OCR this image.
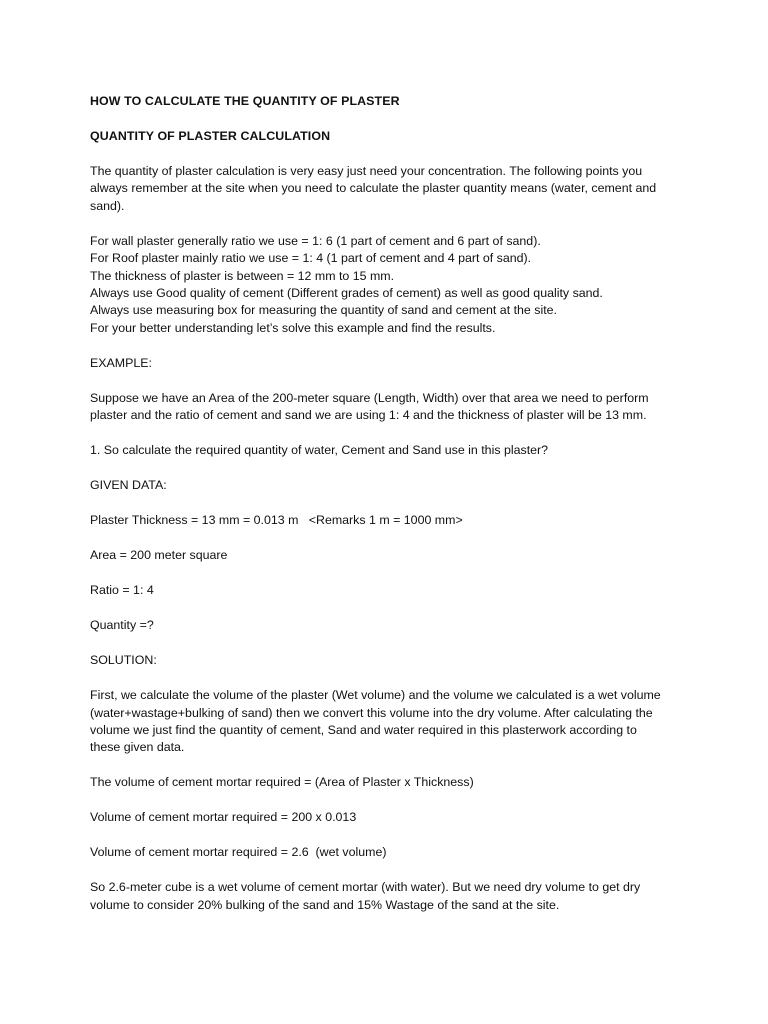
HOW TO CALCULATE THE QUANTITY OF PLASTER

QUANTITY OF PLASTER CALCULATION

The quantity of plaster calculation is very easy just need your concentration. The following points you
always remember at the site when you need to calculate the plaster quantity means (water, cement and
sand).

For wall plaster generally ratio we use = 1: 6 (1 part of cement and 6 part of sand).
For Roof plaster mainly ratio we use = 1: 4 (1 part of cement and 4 part of sand).
The thickness of plaster is between = 12 mm to 15 mm.
Always use Good quality of cement (Different grades of cement) as well as good quality sand.
Always use measuring box for measuring the quantity of sand and cement at the site.
For your better understanding let’s solve this example and find the results.

EXAMPLE:

Suppose we have an Area of the 200-meter square (Length, Width) over that area we need to perform
plaster and the ratio of cement and sand we are using 1: 4 and the thickness of plaster will be 13 mm.

1. So calculate the required quantity of water, Cement and Sand use in this plaster?

GIVEN DATA:

Plaster Thickness = 13 mm = 0.013 m   <Remarks 1 m = 1000 mm>

Area = 200 meter square

Ratio = 1: 4

Quantity =?

SOLUTION:

First, we calculate the volume of the plaster (Wet volume) and the volume we calculated is a wet volume
(water+wastage+bulking of sand) then we convert this volume into the dry volume. After calculating the
volume we just find the quantity of cement, Sand and water required in this plasterwork according to
these given data.

The volume of cement mortar required = (Area of Plaster x Thickness)

Volume of cement mortar required = 200 x 0.013

Volume of cement mortar required = 2.6  (wet volume)

So 2.6-meter cube is a wet volume of cement mortar (with water). But we need dry volume to get dry
volume to consider 20% bulking of the sand and 15% Wastage of the sand at the site.
